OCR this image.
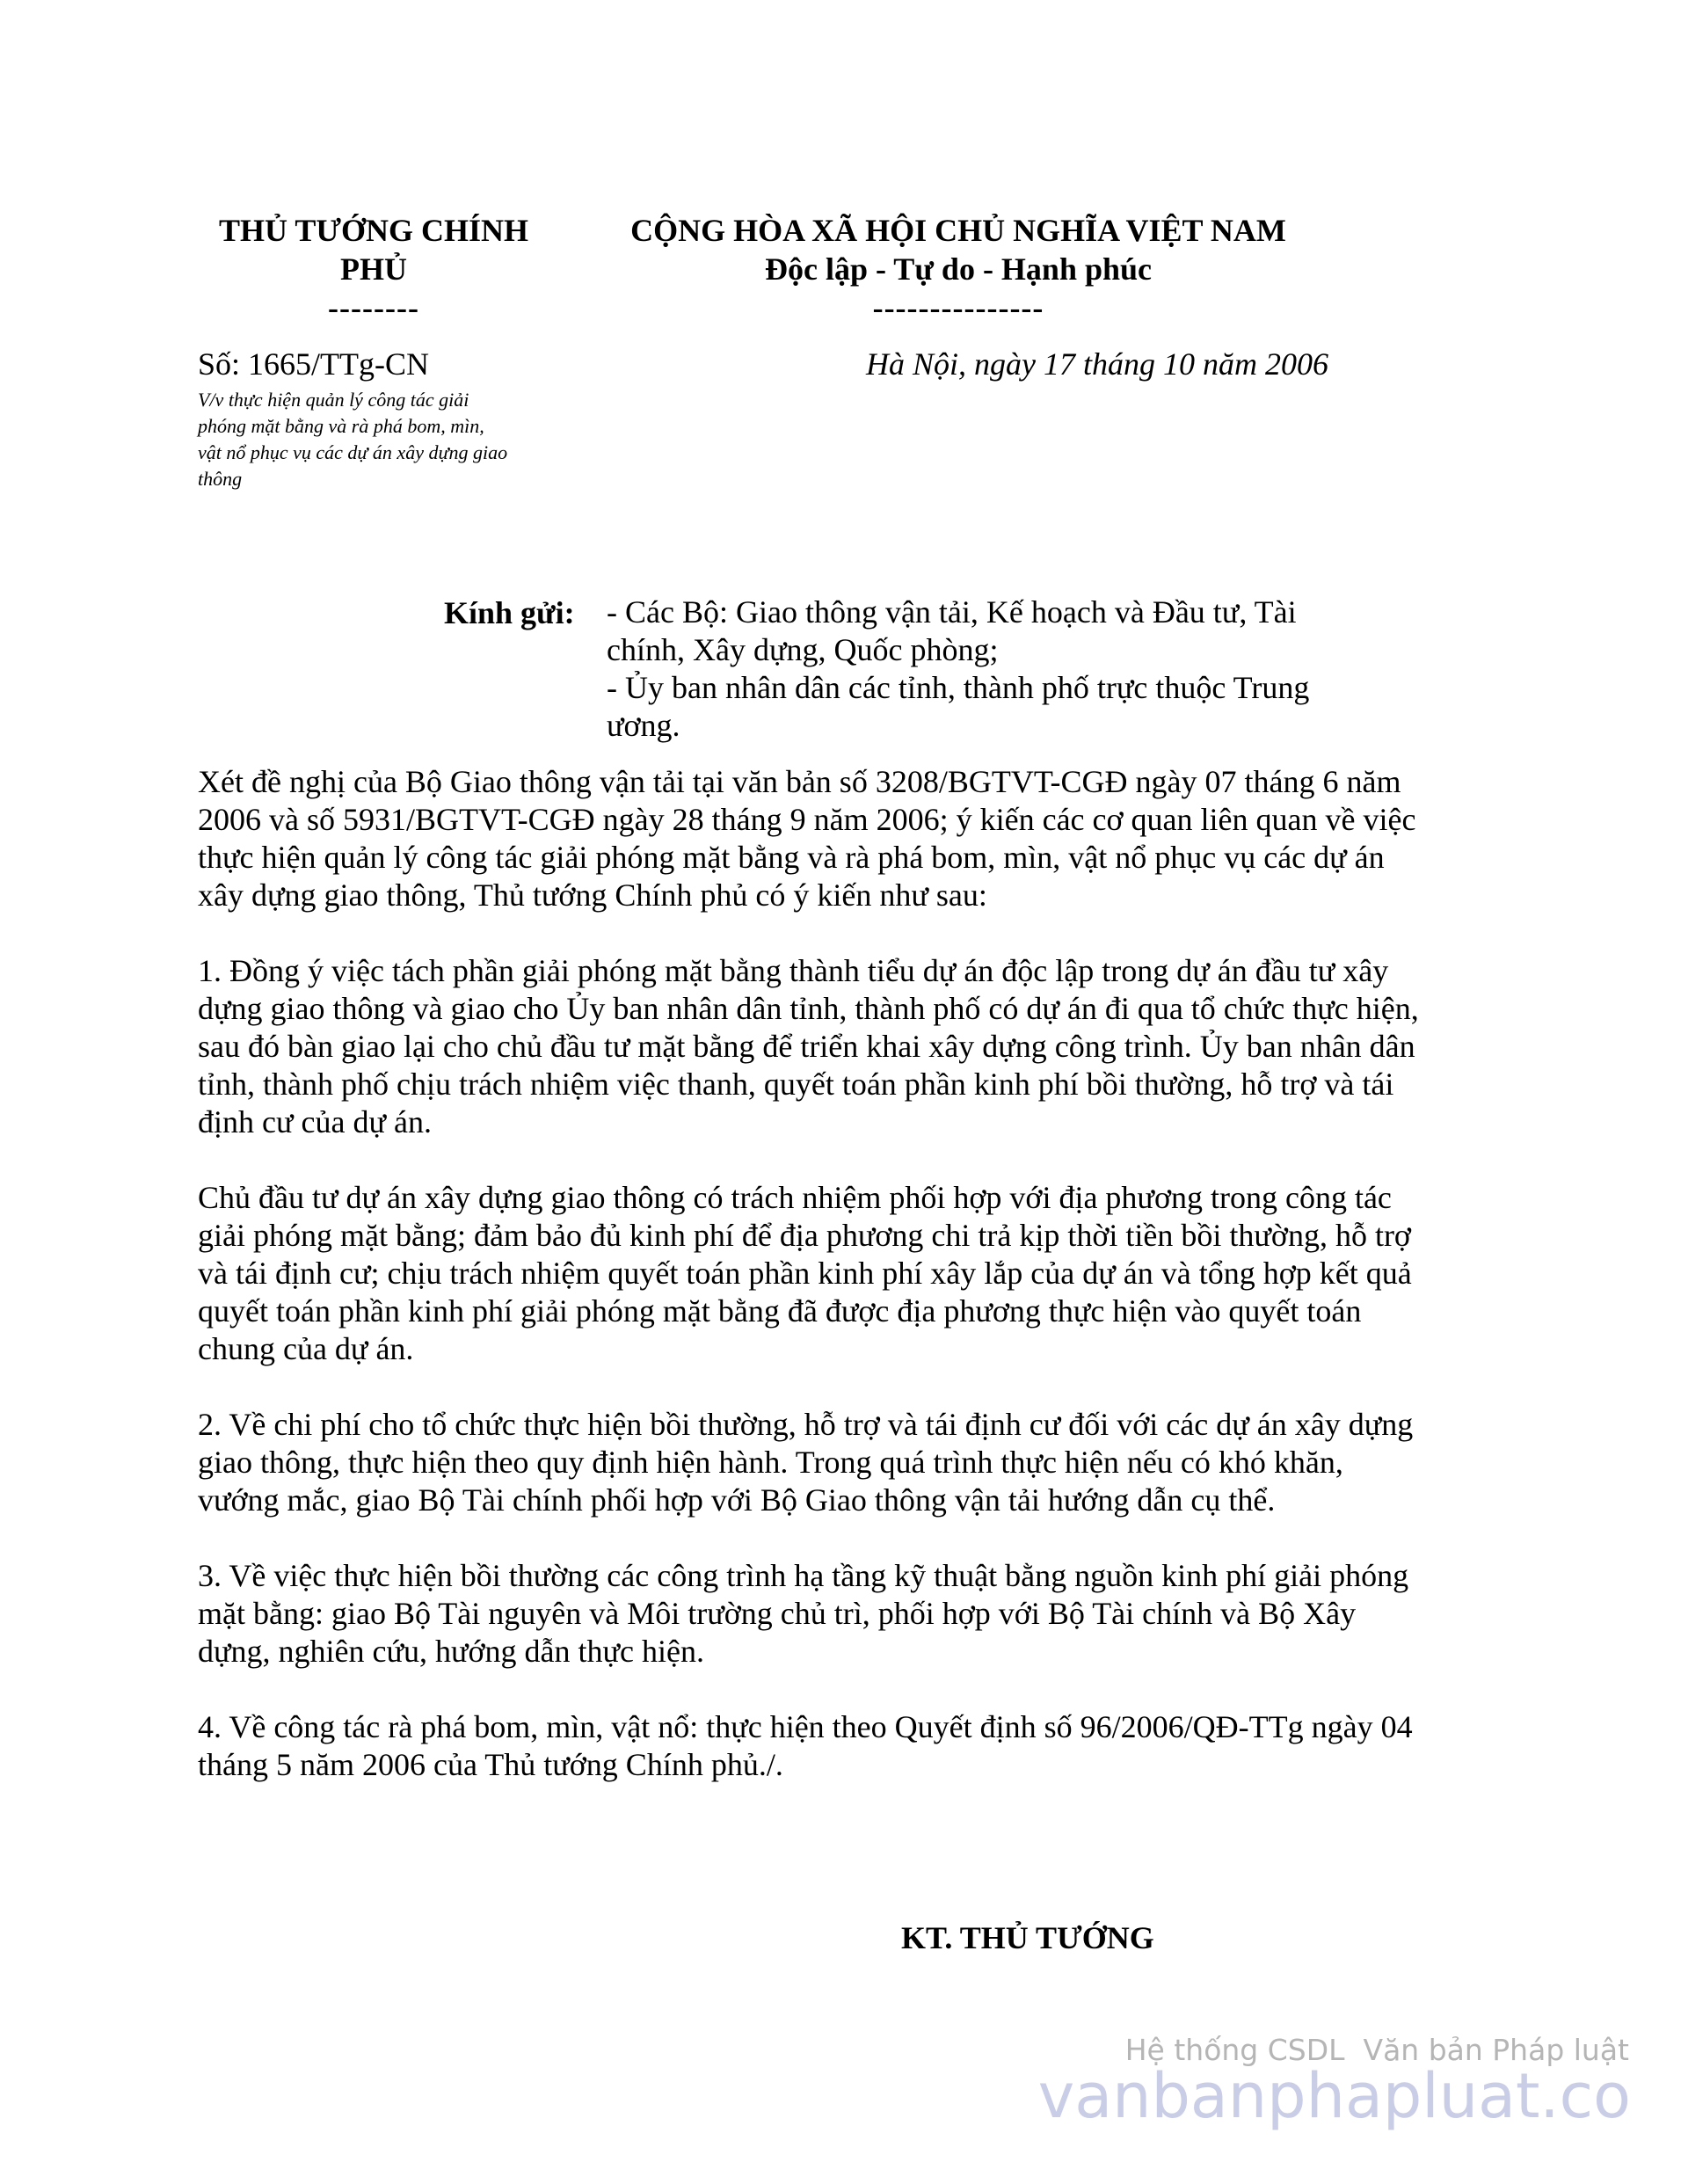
THỦ TƯỚNG CHÍNH
PHỦ
--------
CỘNG HÒA XÃ HỘI CHỦ NGHĨA VIỆT NAM
Độc lập - Tự do - Hạnh phúc
---------------
Số: 1665/TTg-CN
V/v thực hiện quản lý công tác giải
phóng mặt bằng và rà phá bom, mìn,
vật nổ phục vụ các dự án xây dựng giao
thông
Hà Nội, ngày 17 tháng 10 năm 2006
Kính gửi: - Các Bộ: Giao thông vận tải, Kế hoạch và Đầu tư, Tài
chính, Xây dựng, Quốc phòng;
- Ủy ban nhân dân các tỉnh, thành phố trực thuộc Trung
ương.

Xét đề nghị của Bộ Giao thông vận tải tại văn bản số 3208/BGTVT-CGĐ ngày 07 tháng 6 năm
2006 và số 5931/BGTVT-CGĐ ngày 28 tháng 9 năm 2006; ý kiến các cơ quan liên quan về việc
thực hiện quản lý công tác giải phóng mặt bằng và rà phá bom, mìn, vật nổ phục vụ các dự án
xây dựng giao thông, Thủ tướng Chính phủ có ý kiến như sau:

1. Đồng ý việc tách phần giải phóng mặt bằng thành tiểu dự án độc lập trong dự án đầu tư xây
dựng giao thông và giao cho Ủy ban nhân dân tỉnh, thành phố có dự án đi qua tổ chức thực hiện,
sau đó bàn giao lại cho chủ đầu tư mặt bằng để triển khai xây dựng công trình. Ủy ban nhân dân
tỉnh, thành phố chịu trách nhiệm việc thanh, quyết toán phần kinh phí bồi thường, hỗ trợ và tái
định cư của dự án.

Chủ đầu tư dự án xây dựng giao thông có trách nhiệm phối hợp với địa phương trong công tác
giải phóng mặt bằng; đảm bảo đủ kinh phí để địa phương chi trả kịp thời tiền bồi thường, hỗ trợ
và tái định cư; chịu trách nhiệm quyết toán phần kinh phí xây lắp của dự án và tổng hợp kết quả
quyết toán phần kinh phí giải phóng mặt bằng đã được địa phương thực hiện vào quyết toán
chung của dự án.

2. Về chi phí cho tổ chức thực hiện bồi thường, hỗ trợ và tái định cư đối với các dự án xây dựng
giao thông, thực hiện theo quy định hiện hành. Trong quá trình thực hiện nếu có khó khăn,
vướng mắc, giao Bộ Tài chính phối hợp với Bộ Giao thông vận tải hướng dẫn cụ thể.

3. Về việc thực hiện bồi thường các công trình hạ tầng kỹ thuật bằng nguồn kinh phí giải phóng
mặt bằng: giao Bộ Tài nguyên và Môi trường chủ trì, phối hợp với Bộ Tài chính và Bộ Xây
dựng, nghiên cứu, hướng dẫn thực hiện.

4. Về công tác rà phá bom, mìn, vật nổ: thực hiện theo Quyết định số 96/2006/QĐ-TTg ngày 04
tháng 5 năm 2006 của Thủ tướng Chính phủ./.

KT. THỦ TƯỚNG
Hệ thống CSDL  Văn bản Pháp luật
vanbanphapluat.co
